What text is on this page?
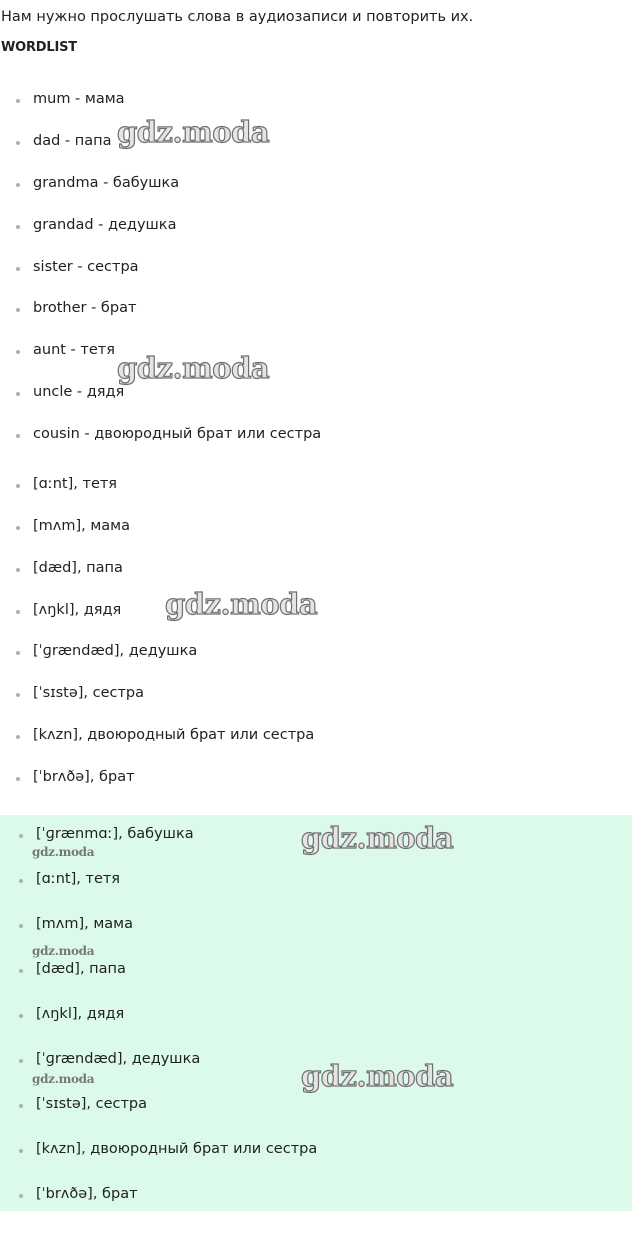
Нам нужно прослушать слова в аудиозаписи и повторить их.
WORDLIST
mum - мама
dad - папа
grandma - бабушка
grandad - дедушка
sister - сестра
brother - брат
aunt - тетя
uncle - дядя
cousin - двоюродный брат или сестра
[ɑːnt], тетя
[mʌm], мама
[dæd], папа
[ʌŋkl], дядя
[ˈɡrændæd], дедушка
[ˈsɪstə], сестра
[kʌzn], двоюродный брат или сестра
[ˈbrʌðə], брат
[ˈɡrænmɑː], бабушка
[ɑːnt], тетя
[mʌm], мама
[dæd], папа
[ʌŋkl], дядя
[ˈɡrændæd], дедушка
[ˈsɪstə], сестра
[kʌzn], двоюродный брат или сестра
[ˈbrʌðə], брат
gdz.moda
gdz.moda
gdz.moda
gdz.moda
gdz.moda
gdz.moda
gdz.moda
gdz.moda
